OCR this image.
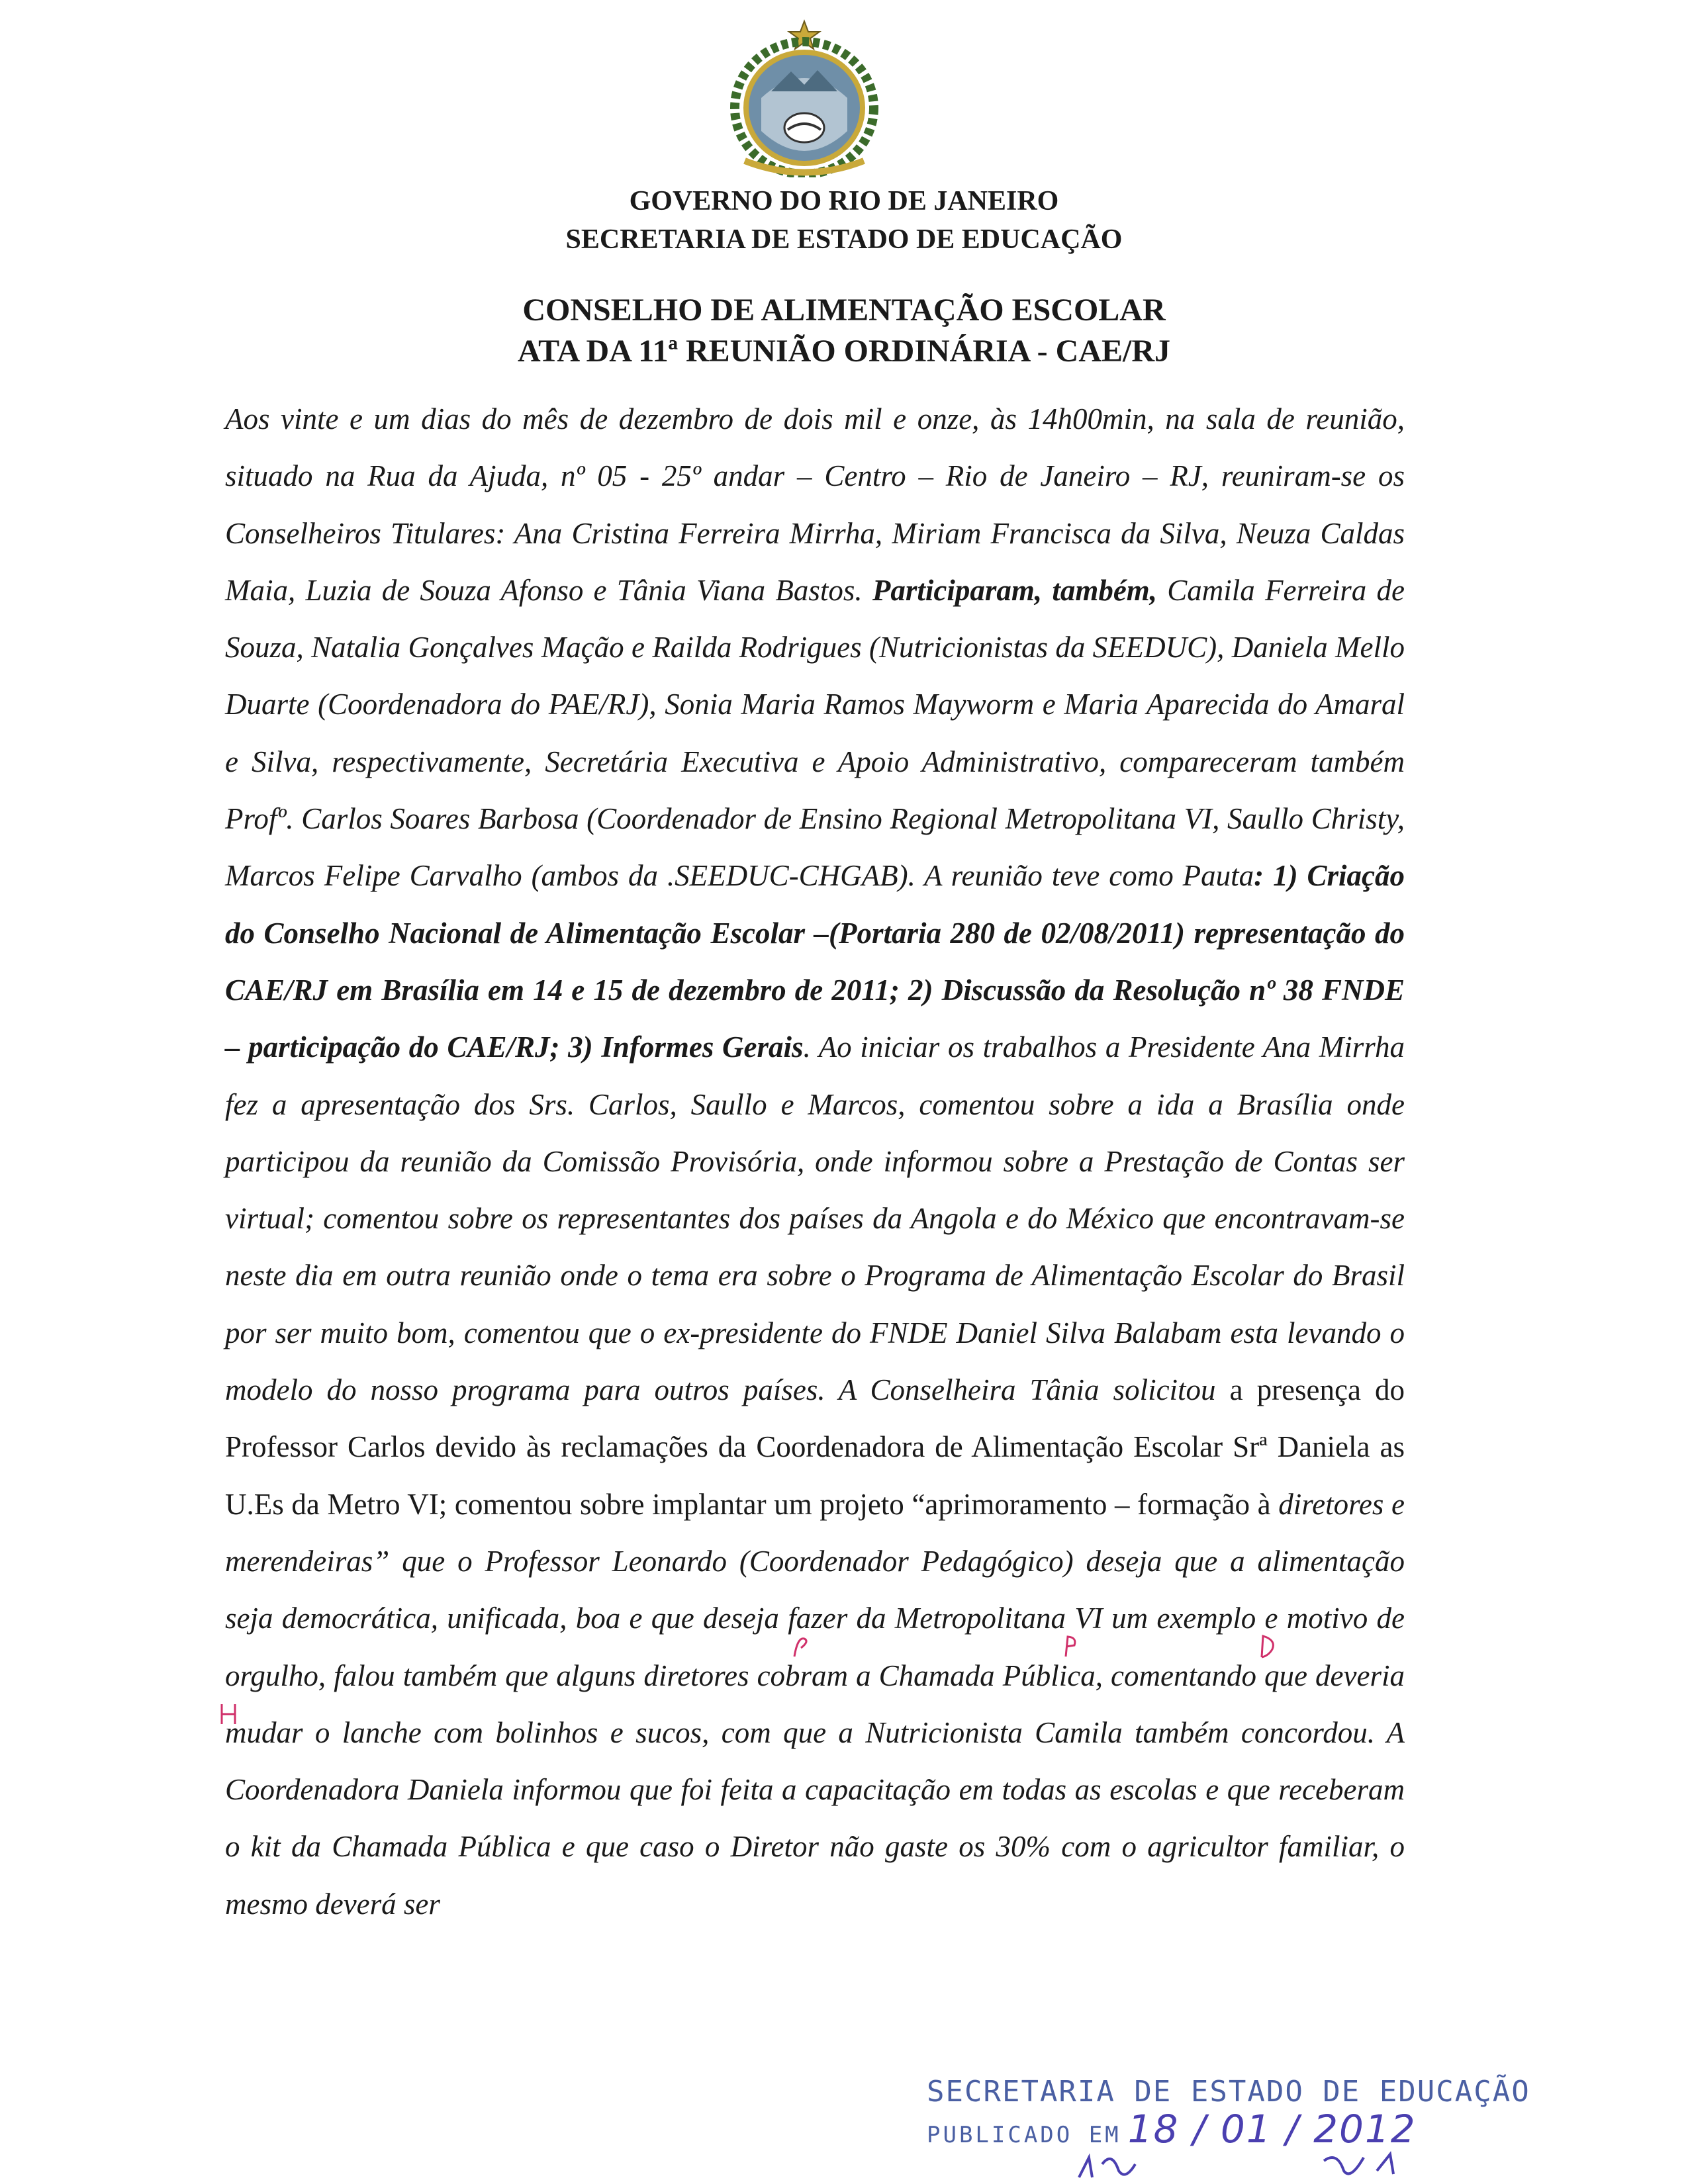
GOVERNO DO RIO DE JANEIRO
SECRETARIA DE ESTADO DE EDUCAÇÃO
CONSELHO DE ALIMENTAÇÃO ESCOLAR
ATA DA 11ª REUNIÃO ORDINÁRIA - CAE/RJ
Aos vinte e um dias do mês de dezembro de dois mil e onze, às 14h00min, na sala de reunião, situado na Rua da Ajuda, nº 05 - 25º andar – Centro – Rio de Janeiro – RJ, reuniram-se os Conselheiros Titulares: Ana Cristina Ferreira Mirrha, Miriam Francisca da Silva, Neuza Caldas Maia, Luzia de Souza Afonso e Tânia Viana Bastos. Participaram, também, Camila Ferreira de Souza, Natalia Gonçalves Mação e Railda Rodrigues (Nutricionistas da SEEDUC), Daniela Mello Duarte (Coordenadora do PAE/RJ), Sonia Maria Ramos Mayworm e Maria Aparecida do Amaral e Silva, respectivamente, Secretária Executiva e Apoio Administrativo, compareceram também Profº. Carlos Soares Barbosa (Coordenador de Ensino Regional Metropolitana VI, Saullo Christy, Marcos Felipe Carvalho (ambos da .SEEDUC-CHGAB). A reunião teve como Pauta: 1) Criação do Conselho Nacional de Alimentação Escolar –(Portaria 280 de 02/08/2011) representação do CAE/RJ em Brasília em 14 e 15 de dezembro de 2011; 2) Discussão da Resolução nº 38 FNDE – participação do CAE/RJ; 3) Informes Gerais. Ao iniciar os trabalhos a Presidente Ana Mirrha fez a apresentação dos Srs. Carlos, Saullo e Marcos, comentou sobre a ida a Brasília onde participou da reunião da Comissão Provisória, onde informou sobre a Prestação de Contas ser virtual; comentou sobre os representantes dos países da Angola e do México que encontravam-se neste dia em outra reunião onde o tema era sobre o Programa de Alimentação Escolar do Brasil por ser muito bom, comentou que o ex-presidente do FNDE Daniel Silva Balabam esta levando o modelo do nosso programa para outros países. A Conselheira Tânia solicitou a presença do Professor Carlos devido às reclamações da Coordenadora de Alimentação Escolar Srª Daniela as U.Es da Metro VI; comentou sobre implantar um projeto “aprimoramento – formação à diretores e merendeiras” que o Professor Leonardo (Coordenador Pedagógico) deseja que a alimentação seja democrática, unificada, boa e que deseja fazer da Metropolitana VI um exemplo e motivo de orgulho, falou também que alguns diretores cobram a Chamada Pública, comentando que deveria mudar o lanche com bolinhos e sucos, com que a Nutricionista Camila também concordou. A Coordenadora Daniela informou que foi feita a capacitação em todas as escolas e que receberam o kit da Chamada Pública e que caso o Diretor não gaste os 30% com o agricultor familiar, o mesmo deverá ser
SECRETARIA DE ESTADO DE EDUCAÇÃO
PUBLICADO EM 18 / 01 / 2012
